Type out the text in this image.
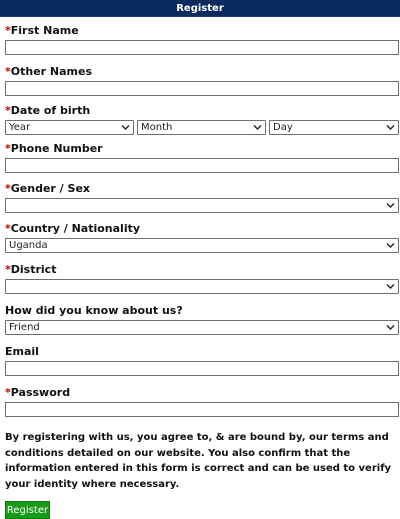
Register
*First Name
*Other Names
*Date of birth
Year	Month	Day
*Phone Number
*Gender / Sex
*Country / Nationality
Uganda
*District
How did you know about us?
Friend
Email
*Password

By registering with us, you agree to, & are bound by, our terms and conditions detailed on our website. You also confirm that the information entered in this form is correct and can be used to verify your identity where necessary.

Register
